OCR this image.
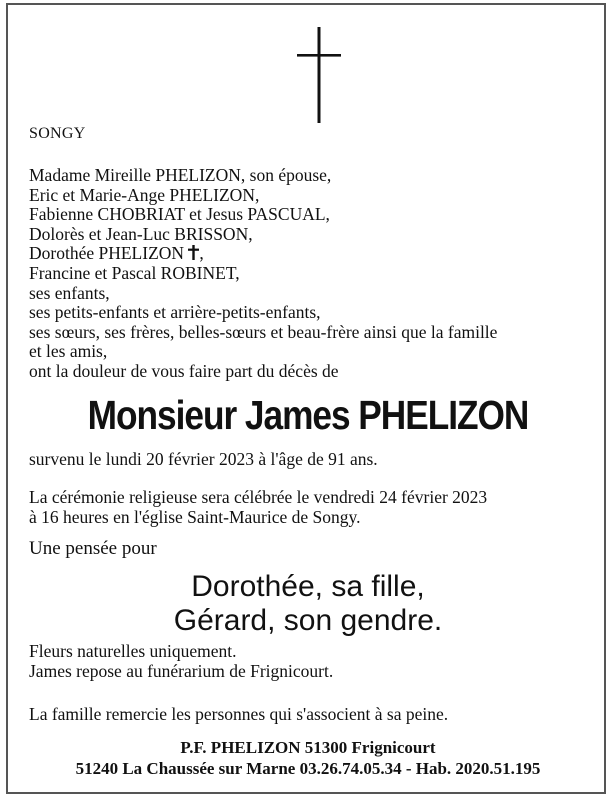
SONGY
Madame Mireille PHELIZON, son épouse,
Eric et Marie-Ange PHELIZON,
Fabienne CHOBRIAT et Jesus PASCUAL,
Dolorès et Jean-Luc BRISSON,
Dorothée PHELIZON ,
Francine et Pascal ROBINET,
ses enfants,
ses petits-enfants et arrière-petits-enfants,
ses sœurs, ses frères, belles-sœurs et beau-frère ainsi que la famille
et les amis,
ont la douleur de vous faire part du décès de
Monsieur James PHELIZON
survenu le lundi 20 février 2023 à l'âge de 91 ans.
La cérémonie religieuse sera célébrée le vendredi 24 février 2023
à 16 heures en l'église Saint-Maurice de Songy.
Une pensée pour
Dorothée, sa fille,
Gérard, son gendre.
Fleurs naturelles uniquement.
James repose au funérarium de Frignicourt.
La famille remercie les personnes qui s'associent à sa peine.
P.F. PHELIZON 51300 Frignicourt
51240 La Chaussée sur Marne 03.26.74.05.34 - Hab. 2020.51.195
